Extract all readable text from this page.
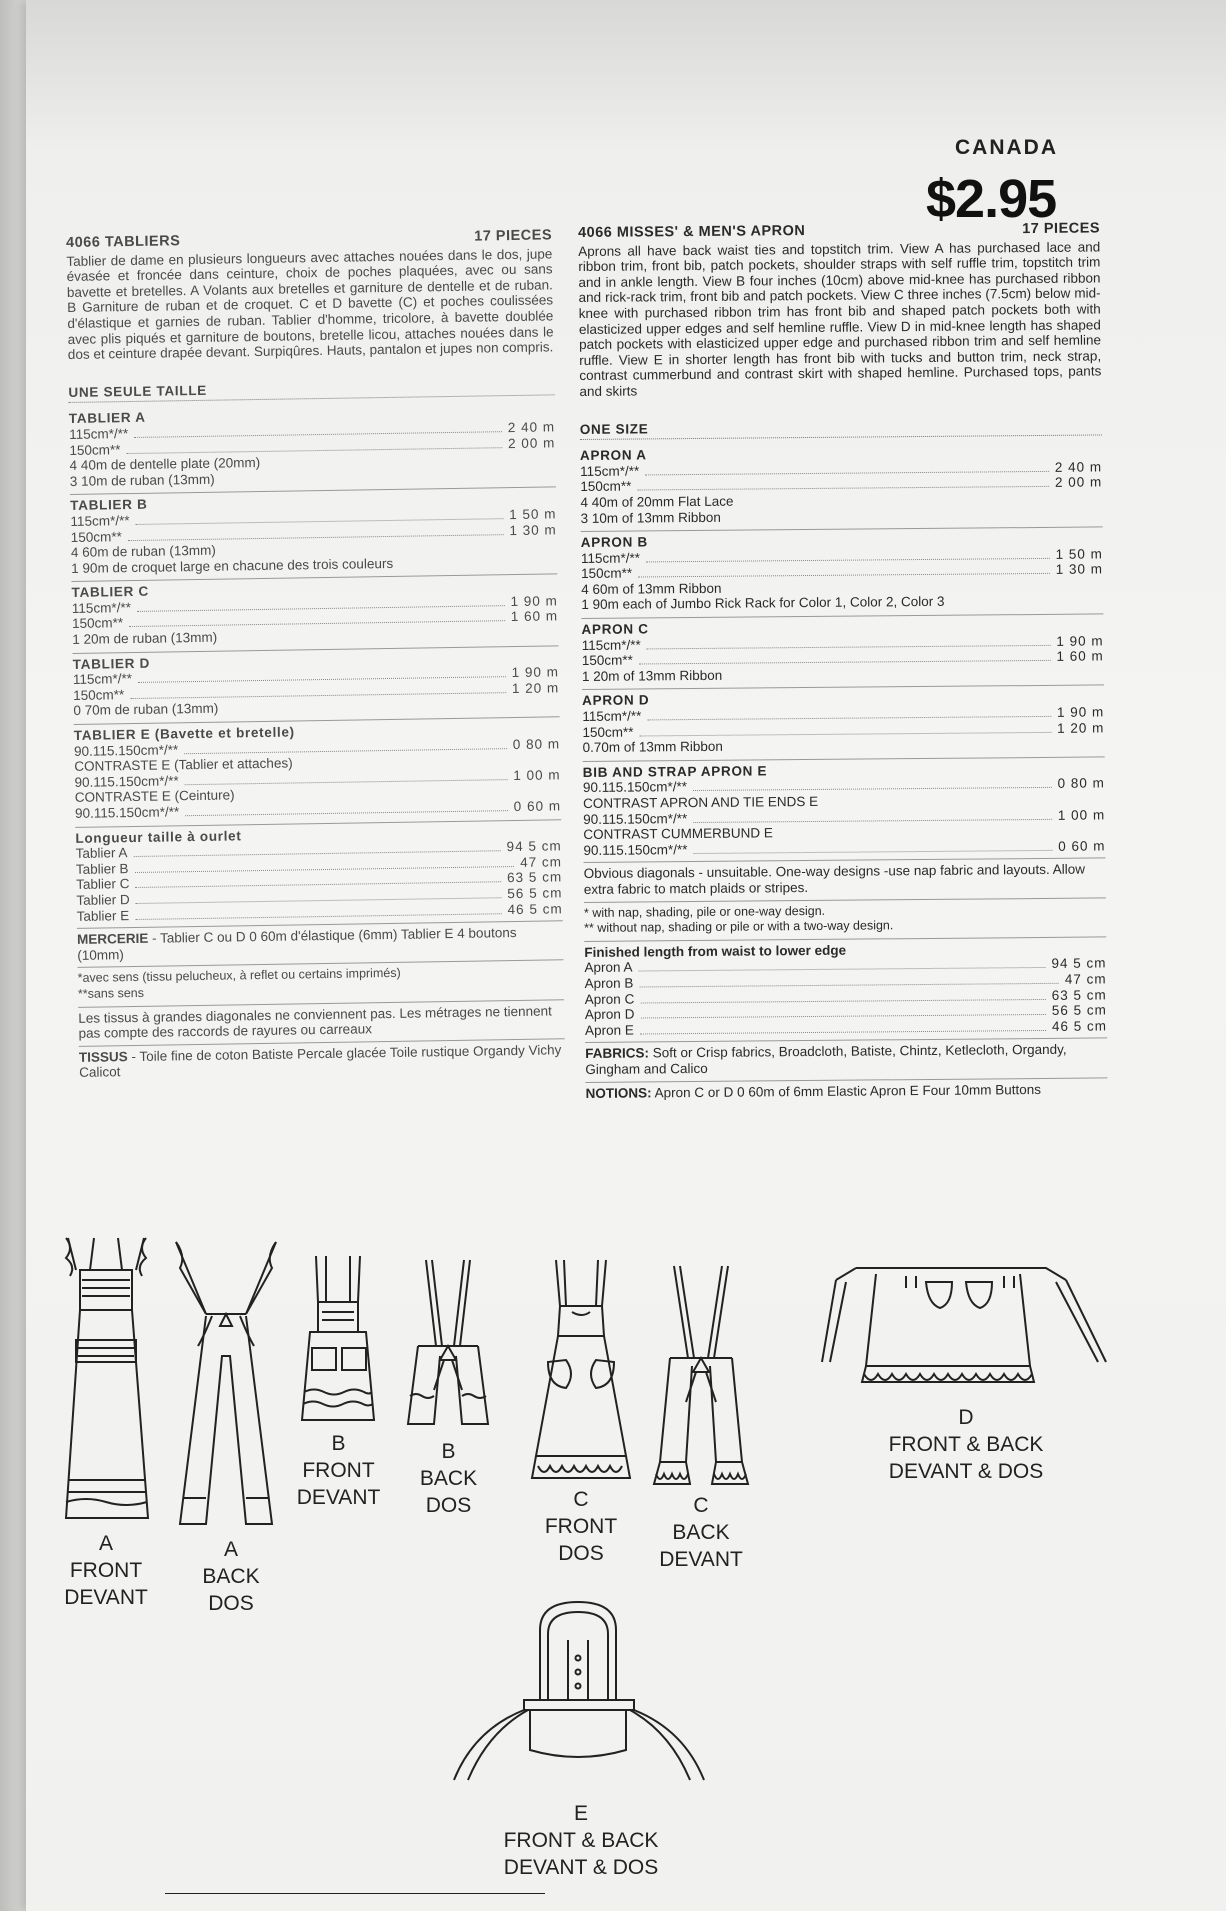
CANADA
$2.95
4066 TABLIERS	17 PIECES

Tablier de dame en plusieurs longueurs avec attaches nouées dans le dos, jupe évasée et froncée dans ceinture, choix de poches plaquées, avec ou sans bavette et bretelles. A Volants aux bretelles et garniture de dentelle et de ruban. B Garniture de ruban et de croquet. C et D bavette (C) et poches coulissées d'élastique et garnies de ruban. Tablier d'homme, tricolore, à bavette doublée avec plis piqués et garniture de boutons, bretelle licou, attaches nouées dans le dos et ceinture drapée devant. Surpiqûres. Hauts, pantalon et jupes non compris.

UNE SEULE TAILLE
TABLIER A
115cm*/**	2 40 m
150cm**	2 00 m
4 40m de dentelle plate (20mm)
3 10m de ruban (13mm)
TABLIER B
115cm*/**	1 50 m
150cm**	1 30 m
4 60m de ruban (13mm)
1 90m de croquet large en chacune des trois couleurs
TABLIER C
115cm*/**	1 90 m
150cm**	1 60 m
1 20m de ruban (13mm)
TABLIER D
115cm*/**	1 90 m
150cm**	1 20 m
0 70m de ruban (13mm)
TABLIER E (Bavette et bretelle)
90.115.150cm*/**	0 80 m
CONTRASTE E (Tablier et attaches)
90.115.150cm*/**	1 00 m
CONTRASTE E (Ceinture)
90.115.150cm*/**	0 60 m
Longueur taille à ourlet
Tablier A	94 5 cm
Tablier B	47 cm
Tablier C	63 5 cm
Tablier D	56 5 cm
Tablier E	46 5 cm
MERCERIE - Tablier C ou D 0 60m d'élastique (6mm) Tablier E 4 boutons (10mm)
*avec sens (tissu pelucheux, à reflet ou certains imprimés)
**sans sens
Les tissus à grandes diagonales ne conviennent pas. Les métrages ne tiennent pas compte des raccords de rayures ou carreaux
TISSUS - Toile fine de coton Batiste Percale glacée Toile rustique Organdy Vichy Calicot
4066 MISSES' & MEN'S APRON	17 PIECES

Aprons all have back waist ties and topstitch trim. View A has purchased lace and ribbon trim, front bib, patch pockets, shoulder straps with self ruffle trim, topstitch trim and in ankle length. View B four inches (10cm) above mid-knee has purchased ribbon and rick-rack trim, front bib and patch pockets. View C three inches (7.5cm) below mid-knee with purchased ribbon trim has front bib and shaped patch pockets both with elasticized upper edges and self hemline ruffle. View D in mid-knee length has shaped patch pockets with elasticized upper edge and purchased ribbon trim and self hemline ruffle. View E in shorter length has front bib with tucks and button trim, neck strap, contrast cummerbund and contrast skirt with shaped hemline. Purchased tops, pants and skirts

ONE SIZE
APRON A
115cm*/**	2 40 m
150cm**	2 00 m
4 40m of 20mm Flat Lace
3 10m of 13mm Ribbon
APRON B
115cm*/**	1 50 m
150cm**	1 30 m
4 60m of 13mm Ribbon
1 90m each of Jumbo Rick Rack for Color 1, Color 2, Color 3
APRON C
115cm*/**	1 90 m
150cm**	1 60 m
1 20m of 13mm Ribbon
APRON D
115cm*/**	1 90 m
150cm**	1 20 m
0.70m of 13mm Ribbon
BIB AND STRAP APRON E
90.115.150cm*/**	0 80 m
CONTRAST APRON AND TIE ENDS E
90.115.150cm*/**	1 00 m
CONTRAST CUMMERBUND E
90.115.150cm*/**	0 60 m
Obvious diagonals - unsuitable. One-way designs -use nap fabric and layouts. Allow extra fabric to match plaids or stripes.
* with nap, shading, pile or one-way design.
** without nap, shading or pile or with a two-way design.
Finished length from waist to lower edge
Apron A	94 5 cm
Apron B	47 cm
Apron C	63 5 cm
Apron D	56 5 cm
Apron E	46 5 cm
FABRICS: Soft or Crisp fabrics, Broadcloth, Batiste, Chintz, Ketlecloth, Organdy, Gingham and Calico
NOTIONS: Apron C or D 0 60m of 6mm Elastic Apron E Four 10mm Buttons
A
FRONT
DEVANT
A
BACK
DOS
B
FRONT
DEVANT
B
BACK
DOS	C
FRONT
DOS
C
BACK
DEVANT
D
FRONT & BACK
DEVANT & DOS
E
FRONT & BACK
DEVANT & DOS
